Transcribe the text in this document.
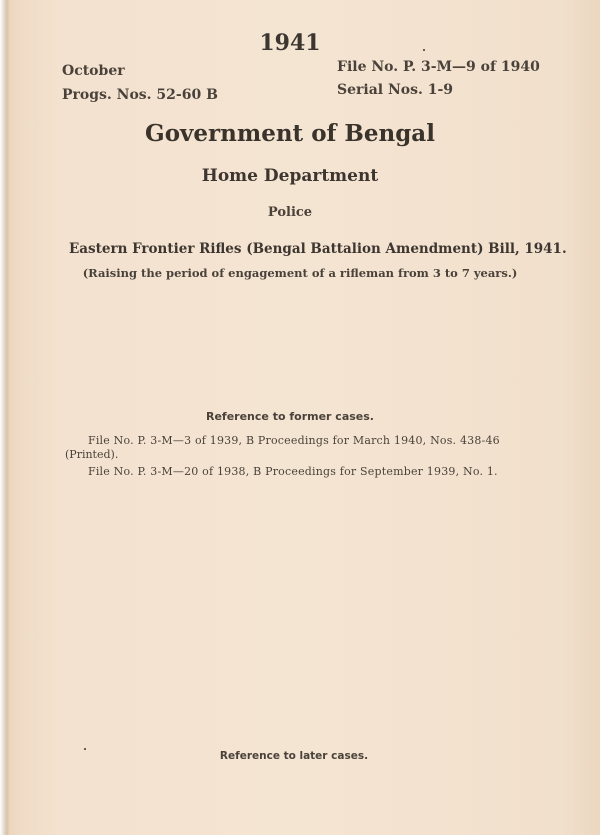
1941
October
Progs. Nos. 52-60 B
File No. P. 3-M—9 of 1940
Serial Nos. 1-9
Government of Bengal
Home Department
Police
Eastern Frontier Rifles (Bengal Battalion Amendment) Bill, 1941.
(Raising the period of engagement of a rifleman from 3 to 7 years.)
Reference to former cases.
File No. P. 3-M—3 of 1939, B Proceedings for March 1940, Nos. 438-46
(Printed).
File No. P. 3-M—20 of 1938, B Proceedings for September 1939, No. 1.
Reference to later cases.
